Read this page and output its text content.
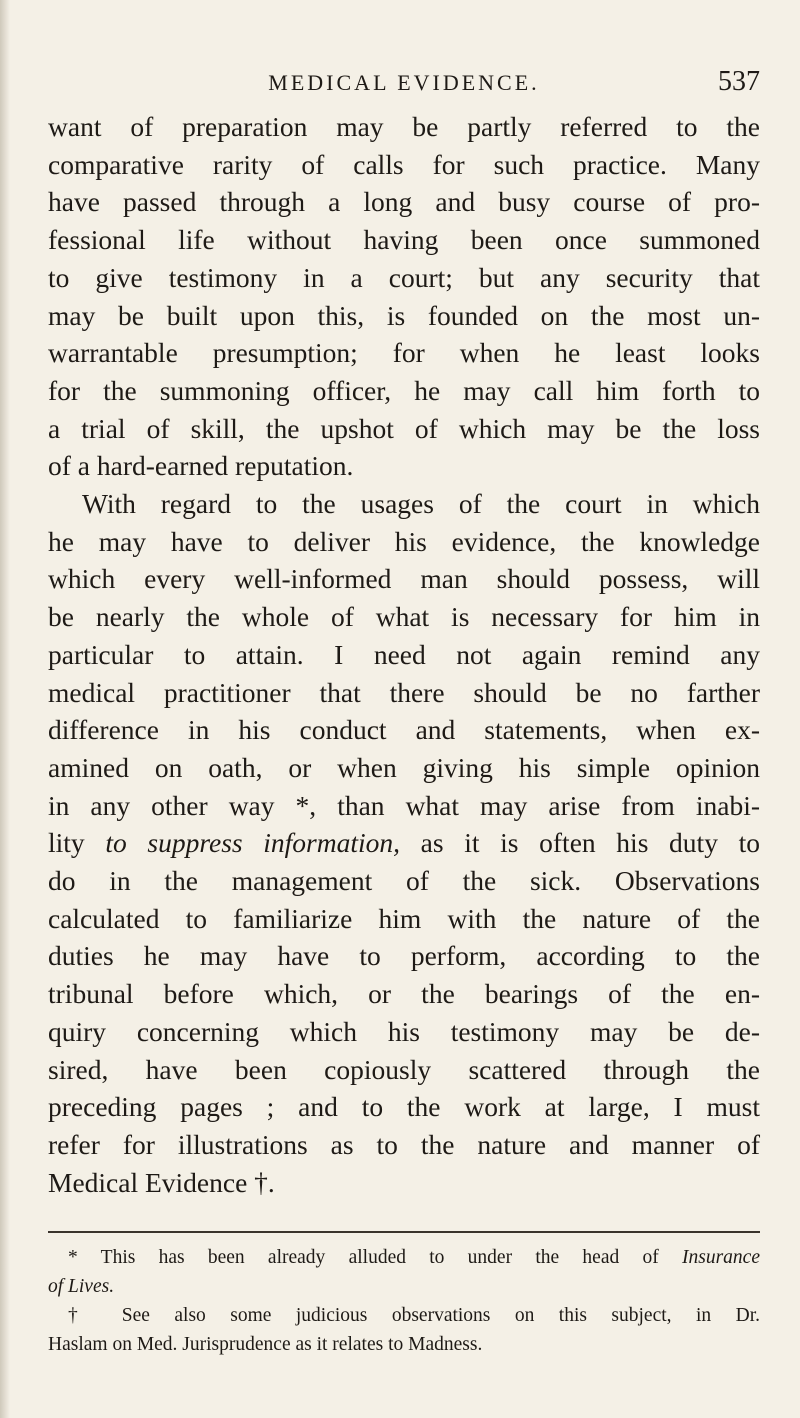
MEDICAL EVIDENCE.	537
want of preparation may be partly referred to the
comparative rarity of calls for such practice. Many
have passed through a long and busy course of pro-
fessional life without having been once summoned
to give testimony in a court; but any security that
may be built upon this, is founded on the most un-
warrantable presumption; for when he least looks
for the summoning officer, he may call him forth to
a trial of skill, the upshot of which may be the loss
of a hard-earned reputation.
With regard to the usages of the court in which
he may have to deliver his evidence, the knowledge
which every well-informed man should possess, will
be nearly the whole of what is necessary for him in
particular to attain. I need not again remind any
medical practitioner that there should be no farther
difference in his conduct and statements, when ex-
amined on oath, or when giving his simple opinion
in any other way *, than what may arise from inabi-
lity to suppress information, as it is often his duty to
do in the management of the sick. Observations
calculated to familiarize him with the nature of the
duties he may have to perform, according to the
tribunal before which, or the bearings of the en-
quiry concerning which his testimony may be de-
sired, have been copiously scattered through the
preceding pages ; and to the work at large, I must
refer for illustrations as to the nature and manner of
Medical Evidence †.
* This has been already alluded to under the head of Insurance
of Lives.
† See also some judicious observations on this subject, in Dr.
Haslam on Med. Jurisprudence as it relates to Madness.
